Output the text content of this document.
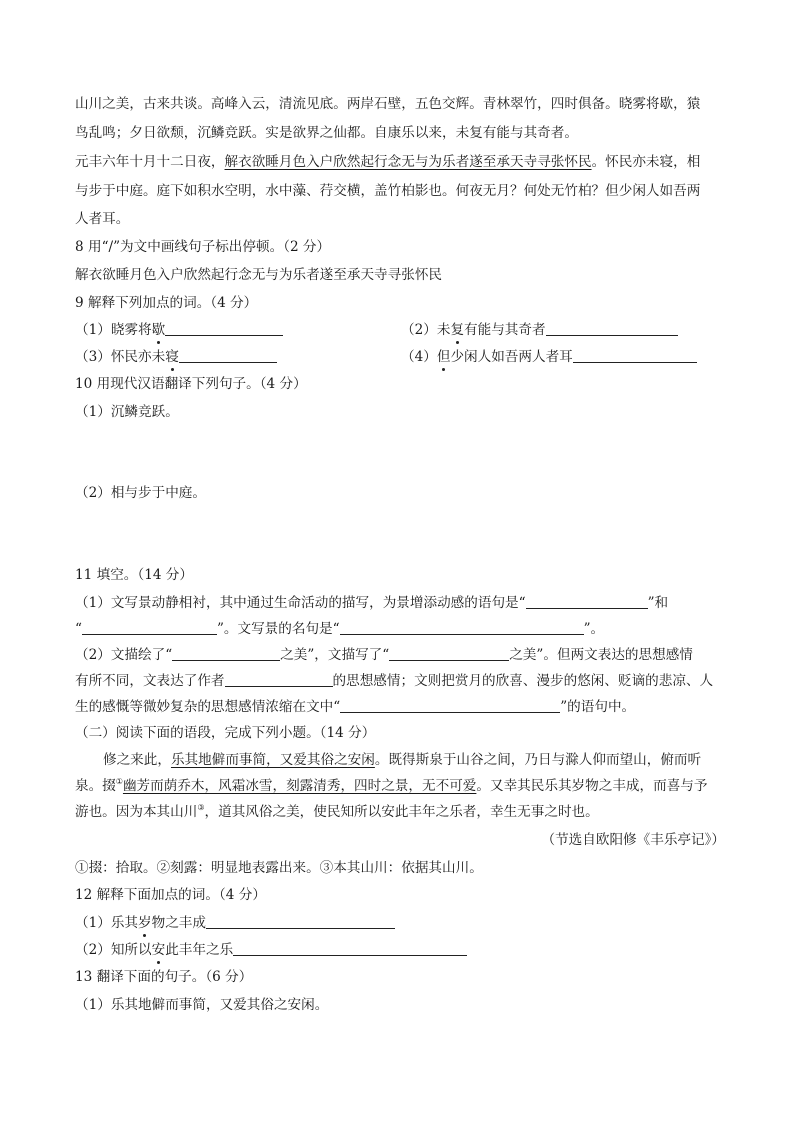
山川之美，古来共谈。高峰入云，清流见底。两岸石壁，五色交辉。青林翠竹，四时俱备。晓雾将歇，猿
鸟乱鸣；夕日欲颓，沉鳞竞跃。实是欲界之仙都。自康乐以来，未复有能与其奇者。
元丰六年十月十二日夜，解衣欲睡月色入户欣然起行念无与为乐者遂至承天寺寻张怀民。怀民亦未寝，相
与步于中庭。庭下如积水空明，水中藻、荇交横，盖竹柏影也。何夜无月？何处无竹柏？但少闲人如吾两
人者耳。
8 用“/”为文中画线句子标出停顿。（2 分）
解衣欲睡月色入户欣然起行念无与为乐者遂至承天寺寻张怀民
9 解释下列加点的词。（4 分）
（1）晓雾将歇	（2）未复有能与其奇者
（3）怀民亦未寝	（4）但少闲人如吾两人者耳
10 用现代汉语翻译下列句子。（4 分）
（1）沉鳞竞跃。
（2）相与步于中庭。
11 填空。（14 分）
（1）文写景动静相衬，其中通过生命活动的描写，为景增添动感的语句是“	”和
“	”。文写景的名句是“	”。
（2）文描绘了“	之美”，文描写了“	之美”。但两文表达的思想感情
有所不同，文表达了作者	的思想感情；文则把赏月的欣喜、漫步的悠闲、贬谪的悲凉、人
生的感慨等微妙复杂的思想感情浓缩在文中“	”的语句中。
（二）阅读下面的语段，完成下列小题。（14 分）
修之来此，乐其地僻而事简，又爱其俗之安闲。既得斯泉于山谷之间，乃日与滁人仰而望山，俯而听
泉。掇①幽芳而荫乔木，风霜冰雪，刻露清秀，四时之景，无不可爱。又幸其民乐其岁物之丰成，而喜与予
游也。因为本其山川③，道其风俗之美，使民知所以安此丰年之乐者，幸生无事之时也。
（节选自欧阳修《丰乐亭记》）
①掇：拾取。②刻露：明显地表露出来。③本其山川：依据其山川。
12 解释下面加点的词。（4 分）
（1）乐其岁物之丰成
（2）知所以安此丰年之乐
13 翻译下面的句子。（6 分）
（1）乐其地僻而事简，又爱其俗之安闲。
